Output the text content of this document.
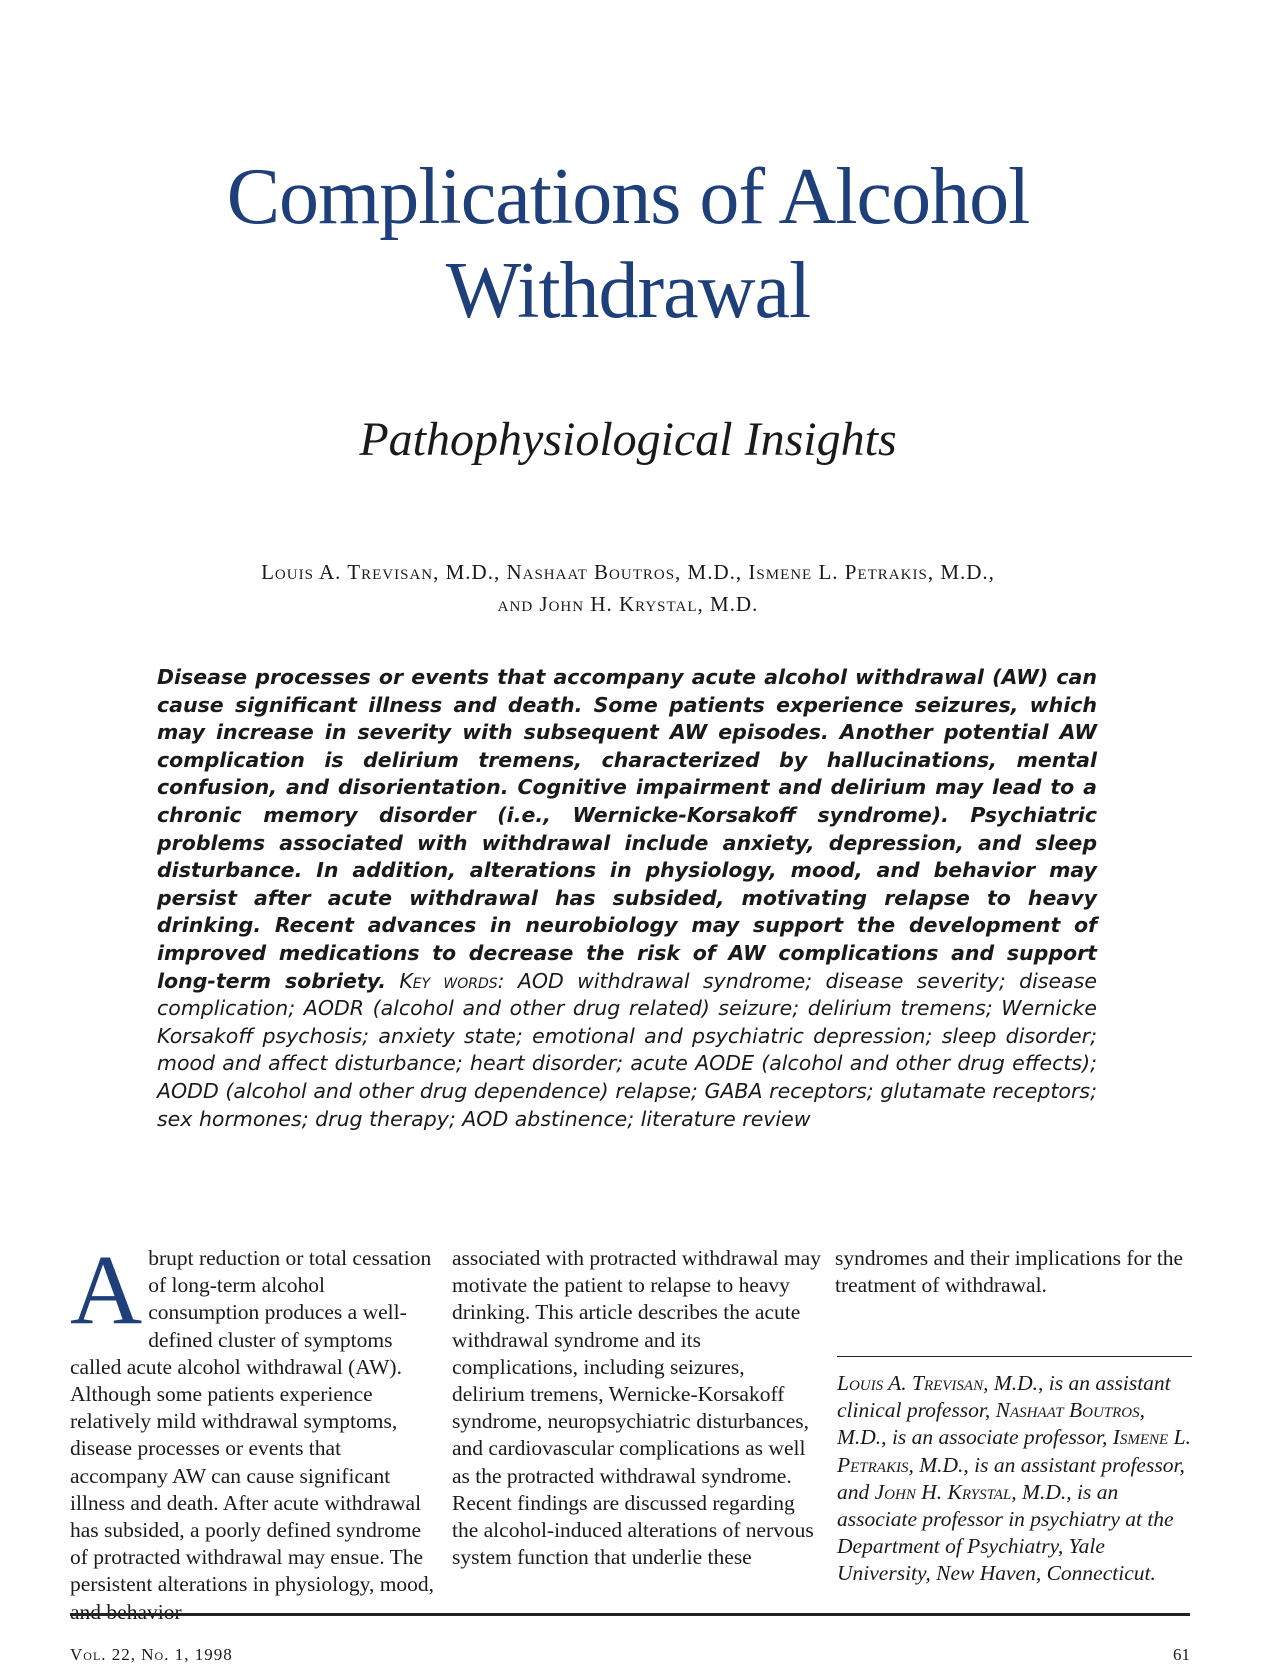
Complications of Alcohol
Withdrawal
Pathophysiological Insights
Louis A. Trevisan, M.D., Nashaat Boutros, M.D., Ismene L. Petrakis, M.D.,
and John H. Krystal, M.D.
Disease processes or events that accompany acute alcohol withdrawal (AW) can cause significant illness and death. Some patients experience seizures, which may increase in severity with subsequent AW episodes. Another potential AW complication is delirium tremens, characterized by hallucinations, mental confusion, and disorientation. Cognitive impairment and delirium may lead to a chronic memory disorder (i.e., Wernicke-Korsakoff syndrome). Psychiatric problems associated with withdrawal include anxiety, depression, and sleep disturbance. In addition, alterations in physiology, mood, and behavior may persist after acute withdrawal has subsided, motivating relapse to heavy drinking. Recent advances in neurobiology may support the development of improved medications to decrease the risk of AW complications and support long-term sobriety. Key words: AOD withdrawal syndrome; disease severity; disease complication; AODR (alcohol and other drug related) seizure; delirium tremens; Wernicke Korsakoff psychosis; anxiety state; emotional and psychiatric depression; sleep disorder; mood and affect disturbance; heart disorder; acute AODE (alcohol and other drug effects); AODD (alcohol and other drug dependence) relapse; GABA receptors; glutamate receptors; sex hormones; drug therapy; AOD abstinence; literature review
Abrupt reduction or total cessation of long-term alcohol consumption produces a well-defined cluster of symptoms called acute alcohol withdrawal (AW). Although some patients experience relatively mild withdrawal symptoms, disease processes or events that accompany AW can cause significant illness and death. After acute withdrawal has subsided, a poorly defined syndrome of protracted withdrawal may ensue. The persistent alterations in physiology, mood, and behavior
associated with protracted withdrawal may motivate the patient to relapse to heavy drinking. This article describes the acute withdrawal syndrome and its complications, including seizures, delirium tremens, Wernicke-Korsakoff syndrome, neuropsychiatric disturbances, and cardiovascular complications as well as the protracted withdrawal syndrome. Recent findings are discussed regarding the alcohol-induced alterations of nervous system function that underlie these
syndromes and their implications for the treatment of withdrawal.
Louis A. Trevisan, M.D., is an assistant clinical professor, Nashaat Boutros, M.D., is an associate professor, Ismene L. Petrakis, M.D., is an assistant professor, and John H. Krystal, M.D., is an associate professor in psychiatry at the Department of Psychiatry, Yale University, New Haven, Connecticut.
Vol. 22, No. 1, 1998	61
